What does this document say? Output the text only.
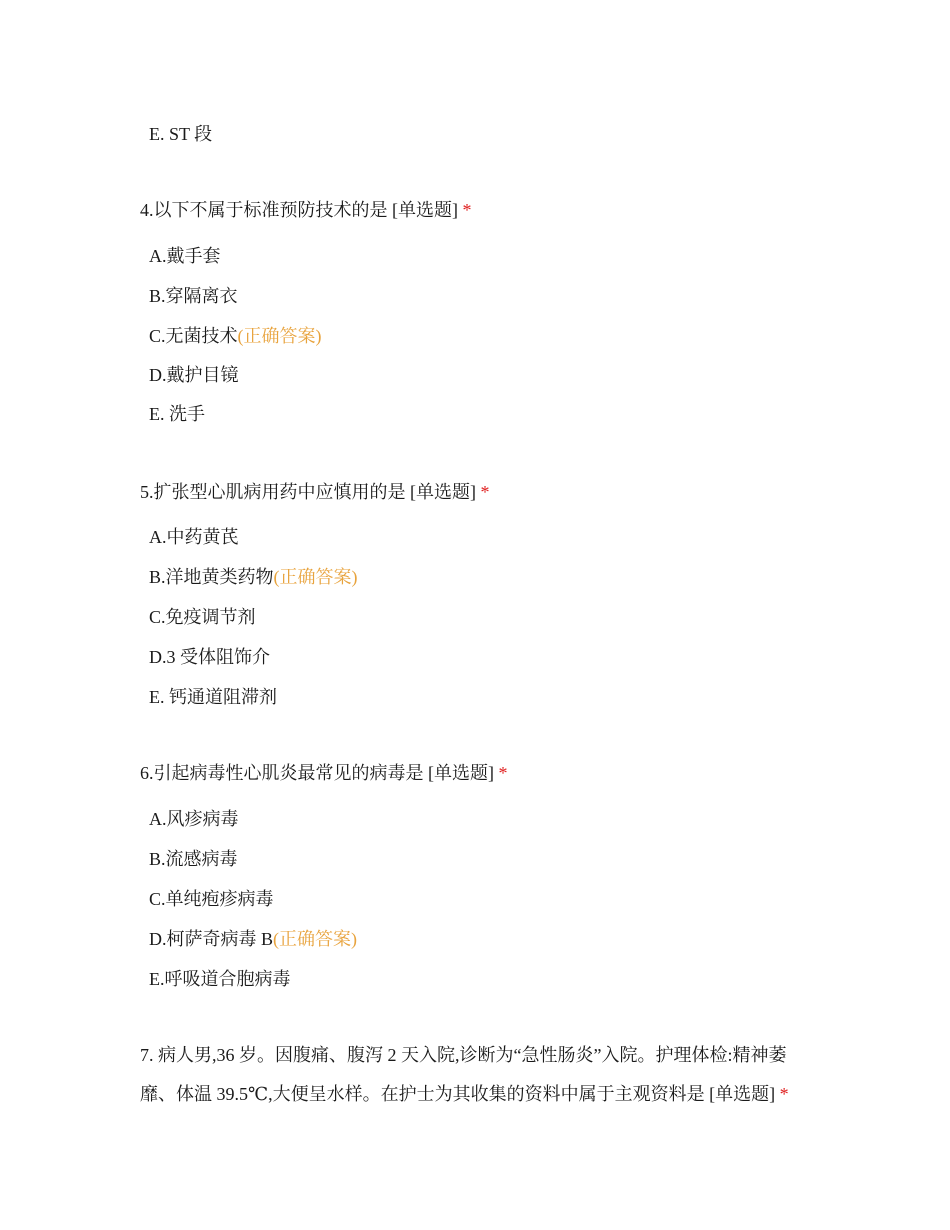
E. ST 段
4.以下不属于标准预防技术的是 [单选题] *
A.戴手套
B.穿隔离衣
C.无菌技术(正确答案)
D.戴护目镜
E. 洗手
5.扩张型心肌病用药中应慎用的是 [单选题] *
A.中药黄芪
B.洋地黄类药物(正确答案)
C.免疫调节剂
D.3 受体阻饰介
E. 钙通道阻滞剂
6.引起病毒性心肌炎最常见的病毒是 [单选题] *
A.风疹病毒
B.流感病毒
C.单纯疱疹病毒
D.柯萨奇病毒 B(正确答案)
E.呼吸道合胞病毒
7. 病人男,36 岁。因腹痛、腹泻 2 天入院,诊断为“急性肠炎”入院。护理体检:精神萎靡、体温 39.5℃,大便呈水样。在护士为其收集的资料中属于主观资料是 [单选题] *
